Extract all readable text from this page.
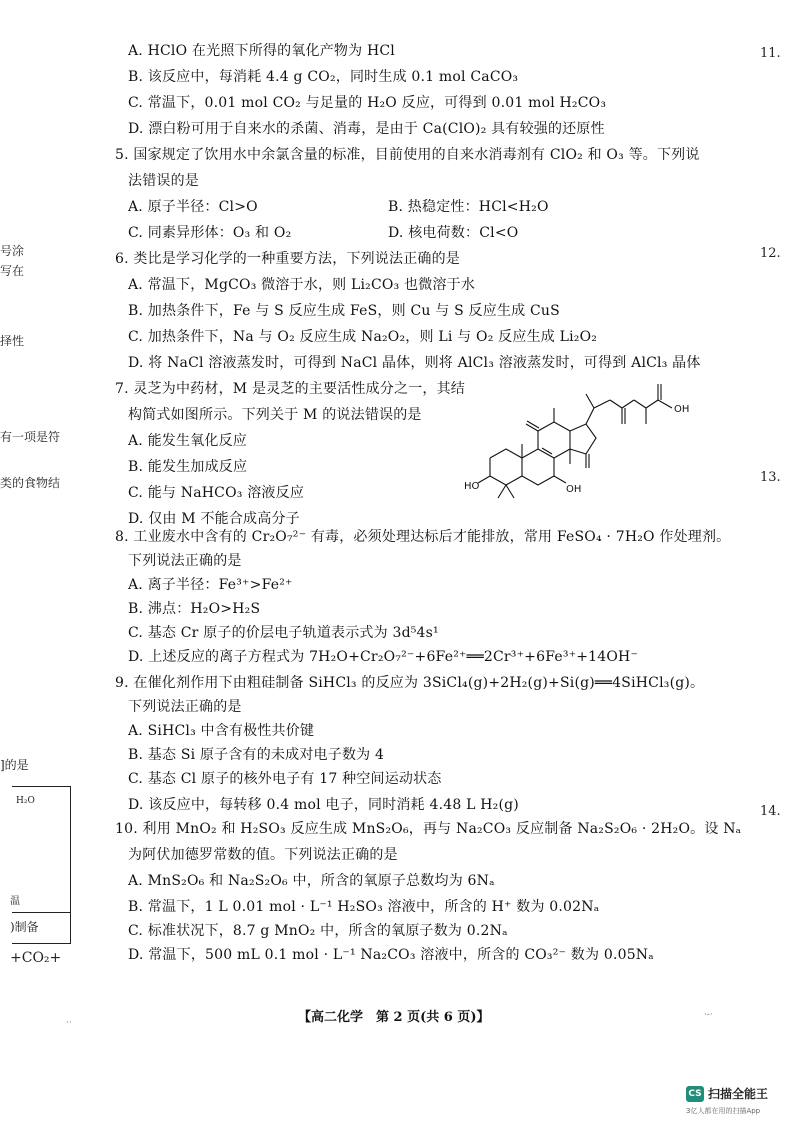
A. HClO 在光照下所得的氧化产物为 HCl
B. 该反应中，每消耗 4.4 g CO₂，同时生成 0.1 mol CaCO₃
C. 常温下，0.01 mol CO₂ 与足量的 H₂O 反应，可得到 0.01 mol H₂CO₃
D. 漂白粉可用于自来水的杀菌、消毒，是由于 Ca(ClO)₂ 具有较强的还原性
5. 国家规定了饮用水中余氯含量的标准，目前使用的自来水消毒剂有 ClO₂ 和 O₃ 等。下列说
法错误的是
A. 原子半径：Cl>O	B. 热稳定性：HCl<H₂O
C. 同素异形体：O₃ 和 O₂	D. 核电荷数：Cl<O
6. 类比是学习化学的一种重要方法，下列说法正确的是
A. 常温下，MgCO₃ 微溶于水，则 Li₂CO₃ 也微溶于水
B. 加热条件下，Fe 与 S 反应生成 FeS，则 Cu 与 S 反应生成 CuS
C. 加热条件下，Na 与 O₂ 反应生成 Na₂O₂，则 Li 与 O₂ 反应生成 Li₂O₂
D. 将 NaCl 溶液蒸发时，可得到 NaCl 晶体，则将 AlCl₃ 溶液蒸发时，可得到 AlCl₃ 晶体
7. 灵芝为中药材，M 是灵芝的主要活性成分之一，其结
构简式如图所示。下列关于 M 的说法错误的是
A. 能发生氧化反应
B. 能发生加成反应
C. 能与 NaHCO₃ 溶液反应
D. 仅由 M 不能合成高分子
HO	OH
OH
8. 工业废水中含有的 Cr₂O₇²⁻ 有毒，必须处理达标后才能排放，常用 FeSO₄ · 7H₂O 作处理剂。
下列说法正确的是
A. 离子半径：Fe³⁺>Fe²⁺
B. 沸点：H₂O>H₂S
C. 基态 Cr 原子的价层电子轨道表示式为 3d⁵4s¹
D. 上述反应的离子方程式为 7H₂O+Cr₂O₇²⁻+6Fe²⁺══2Cr³⁺+6Fe³⁺+14OH⁻
9. 在催化剂作用下由粗硅制备 SiHCl₃ 的反应为 3SiCl₄(g)+2H₂(g)+Si(g)══4SiHCl₃(g)。
下列说法正确的是
A. SiHCl₃ 中含有极性共价键
B. 基态 Si 原子含有的未成对电子数为 4
C. 基态 Cl 原子的核外电子有 17 种空间运动状态
D. 该反应中，每转移 0.4 mol 电子，同时消耗 4.48 L H₂(g)
10. 利用 MnO₂ 和 H₂SO₃ 反应生成 MnS₂O₆，再与 Na₂CO₃ 反应制备 Na₂S₂O₆ · 2H₂O。设 Nₐ
为阿伏加德罗常数的值。下列说法正确的是
A. MnS₂O₆ 和 Na₂S₂O₆ 中，所含的氧原子总数均为 6Nₐ
B. 常温下，1 L 0.01 mol · L⁻¹ H₂SO₃ 溶液中，所含的 H⁺ 数为 0.02Nₐ
C. 标准状况下，8.7 g MnO₂ 中，所含的氧原子数为 0.2Nₐ
D. 常温下，500 mL 0.1 mol · L⁻¹ Na₂CO₃ 溶液中，所含的 CO₃²⁻ 数为 0.05Nₐ
11.
12.
13.
14.
号涂
写在
择性
有一项是符
类的食物结
]的是
H₂O
温
)制备
+CO₂+
【高二化学　第 2 页(共 6 页)】
··
·-·
CS 扫描全能王
3亿人都在用的扫描App
